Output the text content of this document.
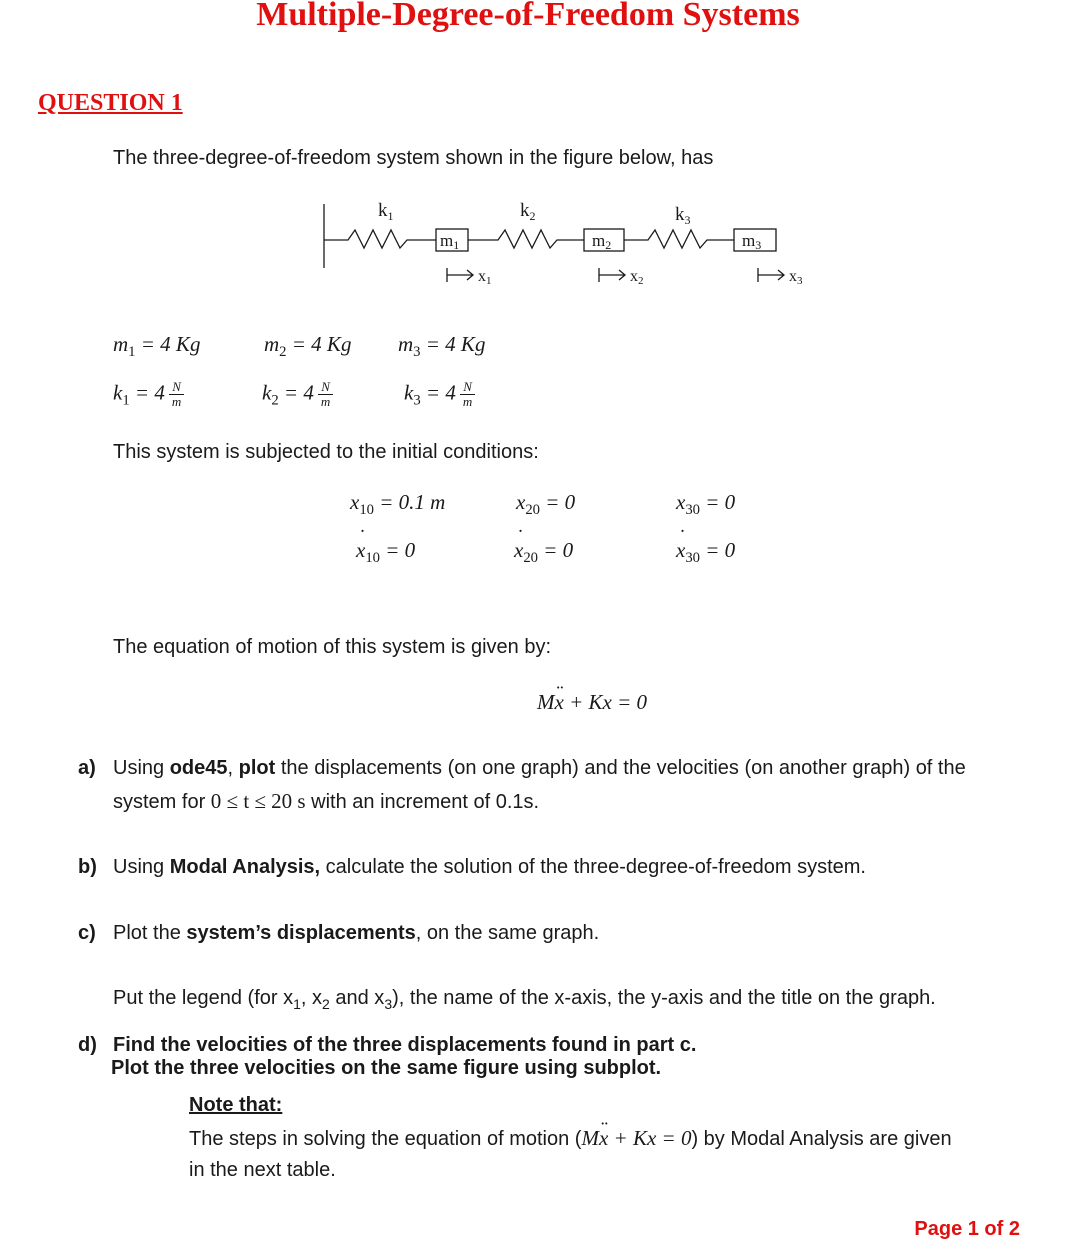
Multiple-Degree-of-Freedom Systems
QUESTION 1
The three-degree-of-freedom system shown in the figure below, has
$k_1$	$k_2$	$k_3$
m1	m2	m3
x1	x2	x3
$m_1 = 4$ Kg	$m_2 = 4$ Kg $m_3 = 4$ Kg
$k_1 = 4 \frac{N}{m}$	$k_2 = 4 \frac{N}{m}$	$k_3 = 4 \frac{N}{m}$
This system is subjected to the initial conditions:
$x_{10} = 0.1$ m	$x_{20} = 0$	$x_{30} = 0$
x $˙_{10} = 0$	x $˙_{20} = 0$	x $˙_{30} = 0$
The equation of motion of this system is given by:
Mx ¨ + Kx = 0
a) Using ode45, plot the displacements (on one graph) and the velocities (on another graph) of the
system for 0 ≤ t ≤ 20 s with an increment of 0.1s.
b) Using Modal Analysis, calculate the solution of the three-degree-of-freedom system.
c) Plot the system’s displacements, on the same graph.
Put the legend (for $x_1$, $x_2$ and $x_3$), the name of the x-axis, the y-axis and the title on the graph.
d) Find the velocities of the three displacements found in part c.
Plot the three velocities on the same figure using subplot.
Note that:
The steps in solving the equation of motion (Mx ¨ + Kx = 0) by Modal Analysis are given
in the next table.
Page 1 of 2
